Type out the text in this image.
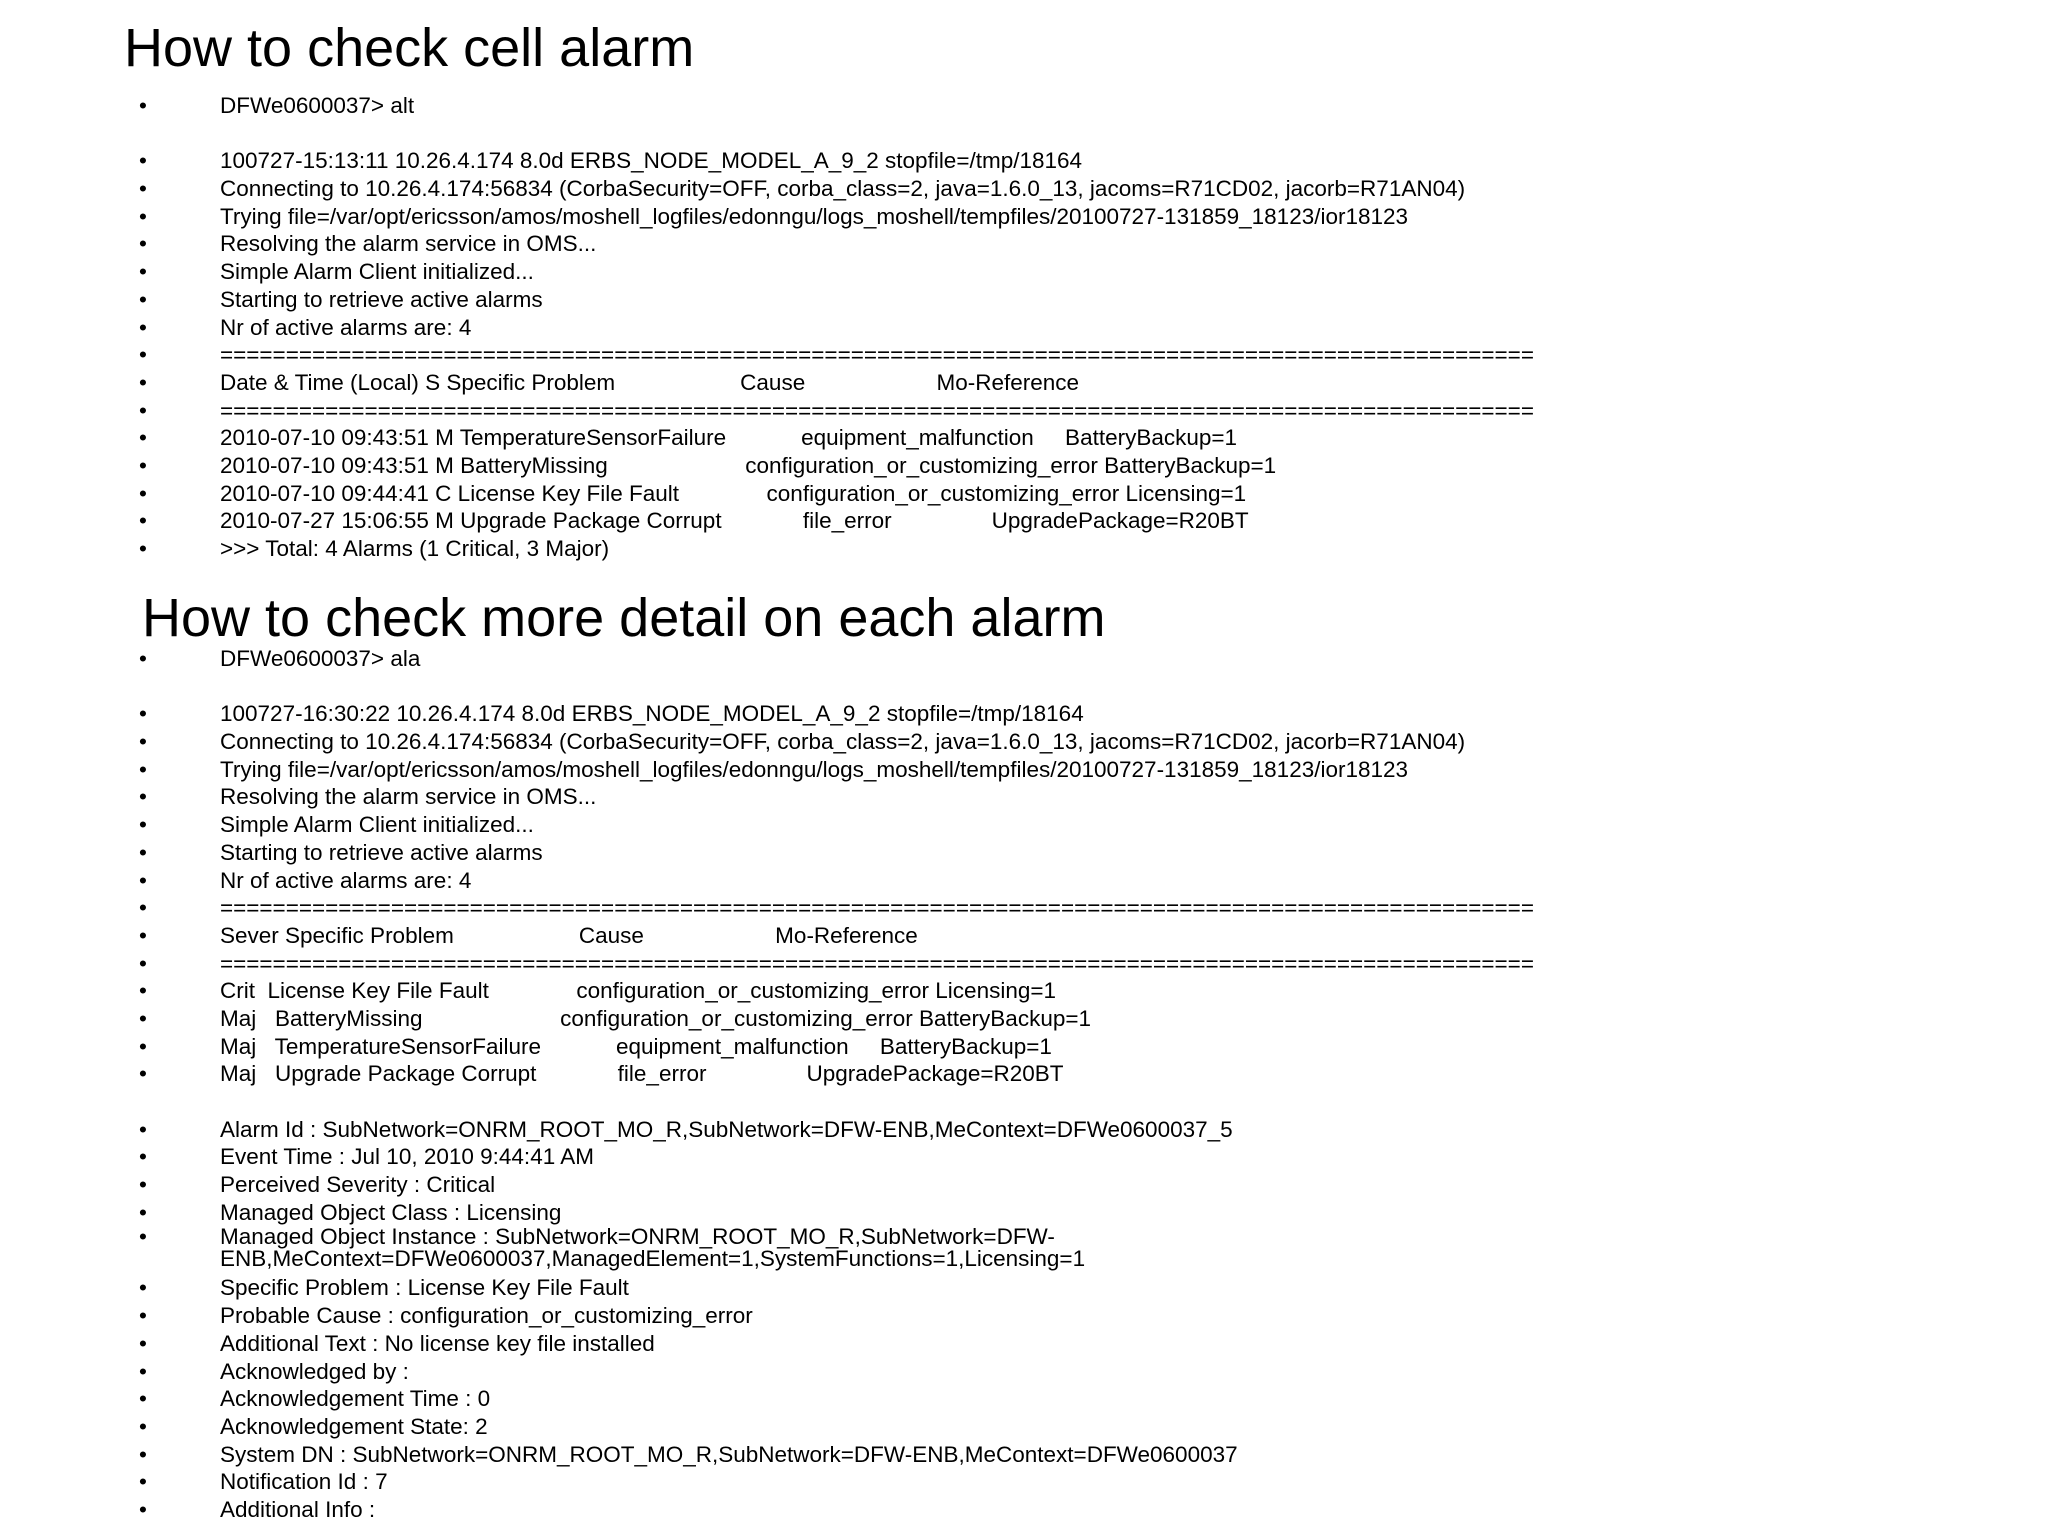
How to check cell alarm
•	DFWe0600037> alt
•	100727-15:13:11 10.26.4.174 8.0d ERBS_NODE_MODEL_A_9_2 stopfile=/tmp/18164
•	Connecting to 10.26.4.174:56834 (CorbaSecurity=OFF, corba_class=2, java=1.6.0_13, jacoms=R71CD02, jacorb=R71AN04)
•	Trying file=/var/opt/ericsson/amos/moshell_logfiles/edonngu/logs_moshell/tempfiles/20100727-131859_18123/ior18123
•	Resolving the alarm service in OMS...
•	Simple Alarm Client initialized...
•	Starting to retrieve active alarms
•	Nr of active alarms are: 4
•	====================================================================================================
•	Date & Time (Local) S Specific Problem                    Cause                     Mo-Reference
•	====================================================================================================
•	2010-07-10 09:43:51 M TemperatureSensorFailure            equipment_malfunction     BatteryBackup=1
•	2010-07-10 09:43:51 M BatteryMissing                      configuration_or_customizing_error BatteryBackup=1
•	2010-07-10 09:44:41 C License Key File Fault              configuration_or_customizing_error Licensing=1
•	2010-07-27 15:06:55 M Upgrade Package Corrupt             file_error                UpgradePackage=R20BT
•	>>> Total: 4 Alarms (1 Critical, 3 Major)
How to check more detail on each alarm
•	DFWe0600037> ala
•	100727-16:30:22 10.26.4.174 8.0d ERBS_NODE_MODEL_A_9_2 stopfile=/tmp/18164
•	Connecting to 10.26.4.174:56834 (CorbaSecurity=OFF, corba_class=2, java=1.6.0_13, jacoms=R71CD02, jacorb=R71AN04)
•	Trying file=/var/opt/ericsson/amos/moshell_logfiles/edonngu/logs_moshell/tempfiles/20100727-131859_18123/ior18123
•	Resolving the alarm service in OMS...
•	Simple Alarm Client initialized...
•	Starting to retrieve active alarms
•	Nr of active alarms are: 4
•	====================================================================================================
•	Sever Specific Problem                    Cause                     Mo-Reference
•	====================================================================================================
•	Crit  License Key File Fault              configuration_or_customizing_error Licensing=1
•	Maj   BatteryMissing                      configuration_or_customizing_error BatteryBackup=1
•	Maj   TemperatureSensorFailure            equipment_malfunction     BatteryBackup=1
•	Maj   Upgrade Package Corrupt             file_error                UpgradePackage=R20BT
•	Alarm Id : SubNetwork=ONRM_ROOT_MO_R,SubNetwork=DFW-ENB,MeContext=DFWe0600037_5
•	Event Time : Jul 10, 2010 9:44:41 AM
•	Perceived Severity : Critical
•	Managed Object Class : Licensing
•	Managed Object Instance : SubNetwork=ONRM_ROOT_MO_R,SubNetwork=DFW-
ENB,MeContext=DFWe0600037,ManagedElement=1,SystemFunctions=1,Licensing=1
•	Specific Problem : License Key File Fault
•	Probable Cause : configuration_or_customizing_error
•	Additional Text : No license key file installed
•	Acknowledged by :
•	Acknowledgement Time : 0
•	Acknowledgement State: 2
•	System DN : SubNetwork=ONRM_ROOT_MO_R,SubNetwork=DFW-ENB,MeContext=DFWe0600037
•	Notification Id : 7
•	Additional Info :
